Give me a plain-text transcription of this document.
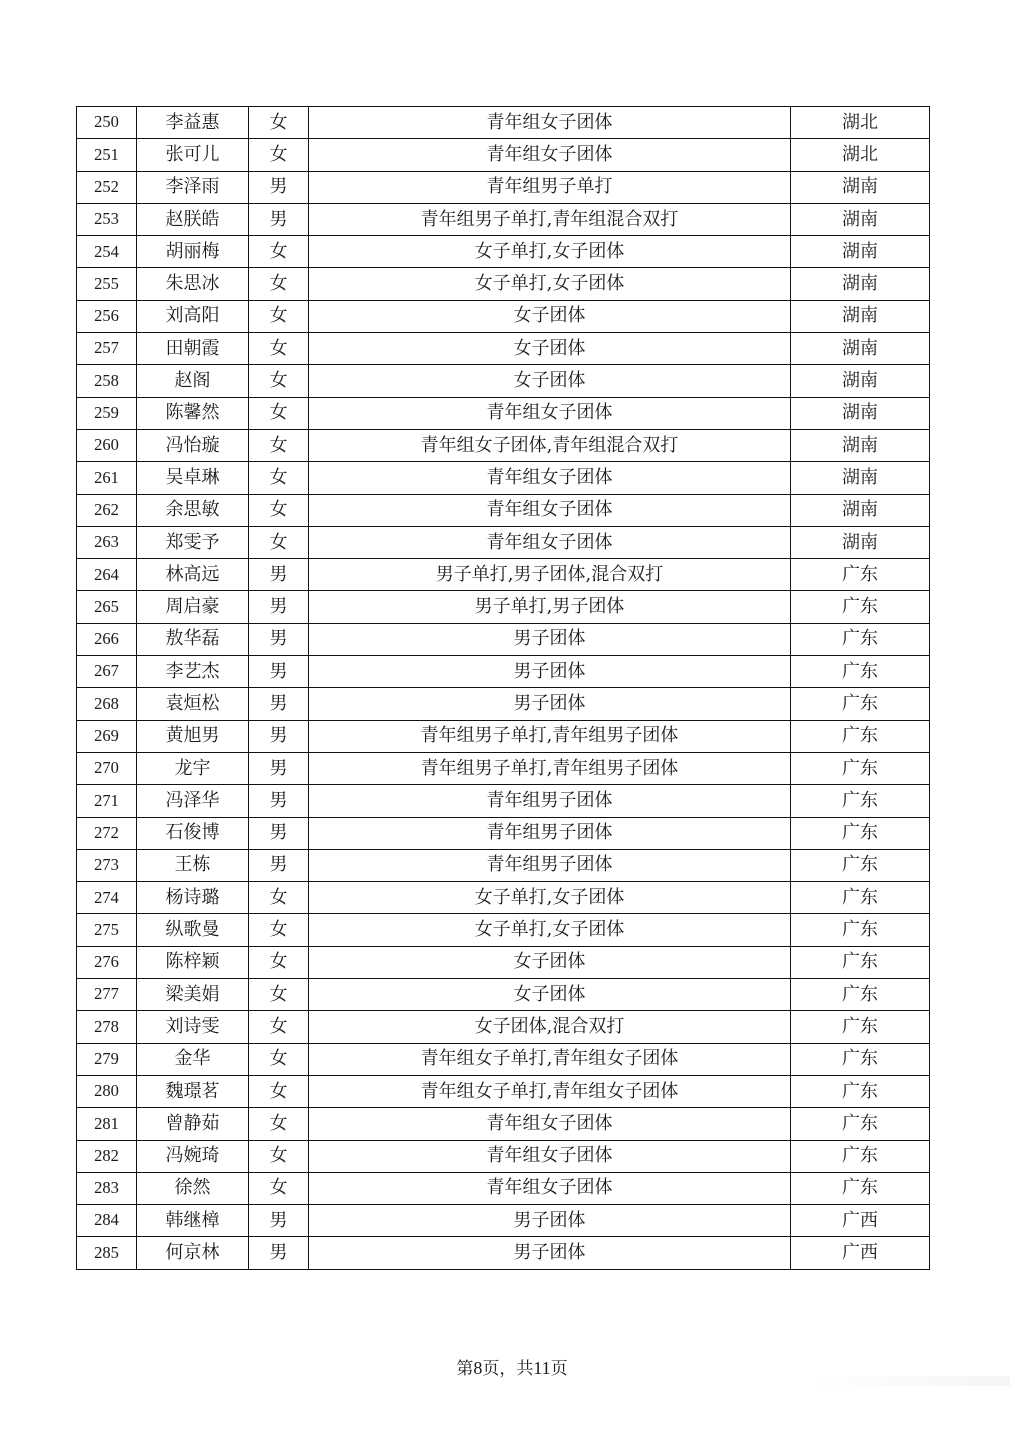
250	李益惠	女	青年组女子团体	湖北
251	张可儿	女	青年组女子团体	湖北
252	李泽雨	男	青年组男子单打	湖南
253	赵朕皓	男	青年组男子单打,青年组混合双打	湖南
254	胡丽梅	女	女子单打,女子团体	湖南
255	朱思冰	女	女子单打,女子团体	湖南
256	刘高阳	女	女子团体	湖南
257	田朝霞	女	女子团体	湖南
258	赵阁	女	女子团体	湖南
259	陈馨然	女	青年组女子团体	湖南
260	冯怡璇	女	青年组女子团体,青年组混合双打	湖南
261	吴卓琳	女	青年组女子团体	湖南
262	余思敏	女	青年组女子团体	湖南
263	郑雯予	女	青年组女子团体	湖南
264	林高远	男	男子单打,男子团体,混合双打	广东
265	周启豪	男	男子单打,男子团体	广东
266	敖华磊	男	男子团体	广东
267	李艺杰	男	男子团体	广东
268	袁烜松	男	男子团体	广东
269	黄旭男	男	青年组男子单打,青年组男子团体	广东
270	龙宇	男	青年组男子单打,青年组男子团体	广东
271	冯泽华	男	青年组男子团体	广东
272	石俊博	男	青年组男子团体	广东
273	王栋	男	青年组男子团体	广东
274	杨诗璐	女	女子单打,女子团体	广东
275	纵歌曼	女	女子单打,女子团体	广东
276	陈梓颖	女	女子团体	广东
277	梁美娟	女	女子团体	广东
278	刘诗雯	女	女子团体,混合双打	广东
279	金华	女	青年组女子单打,青年组女子团体	广东
280	魏璟茗	女	青年组女子单打,青年组女子团体	广东
281	曾静茹	女	青年组女子团体	广东
282	冯婉琦	女	青年组女子团体	广东
283	徐然	女	青年组女子团体	广东
284	韩继樟	男	男子团体	广西
285	何京林	男	男子团体	广西
第8页，共11页
